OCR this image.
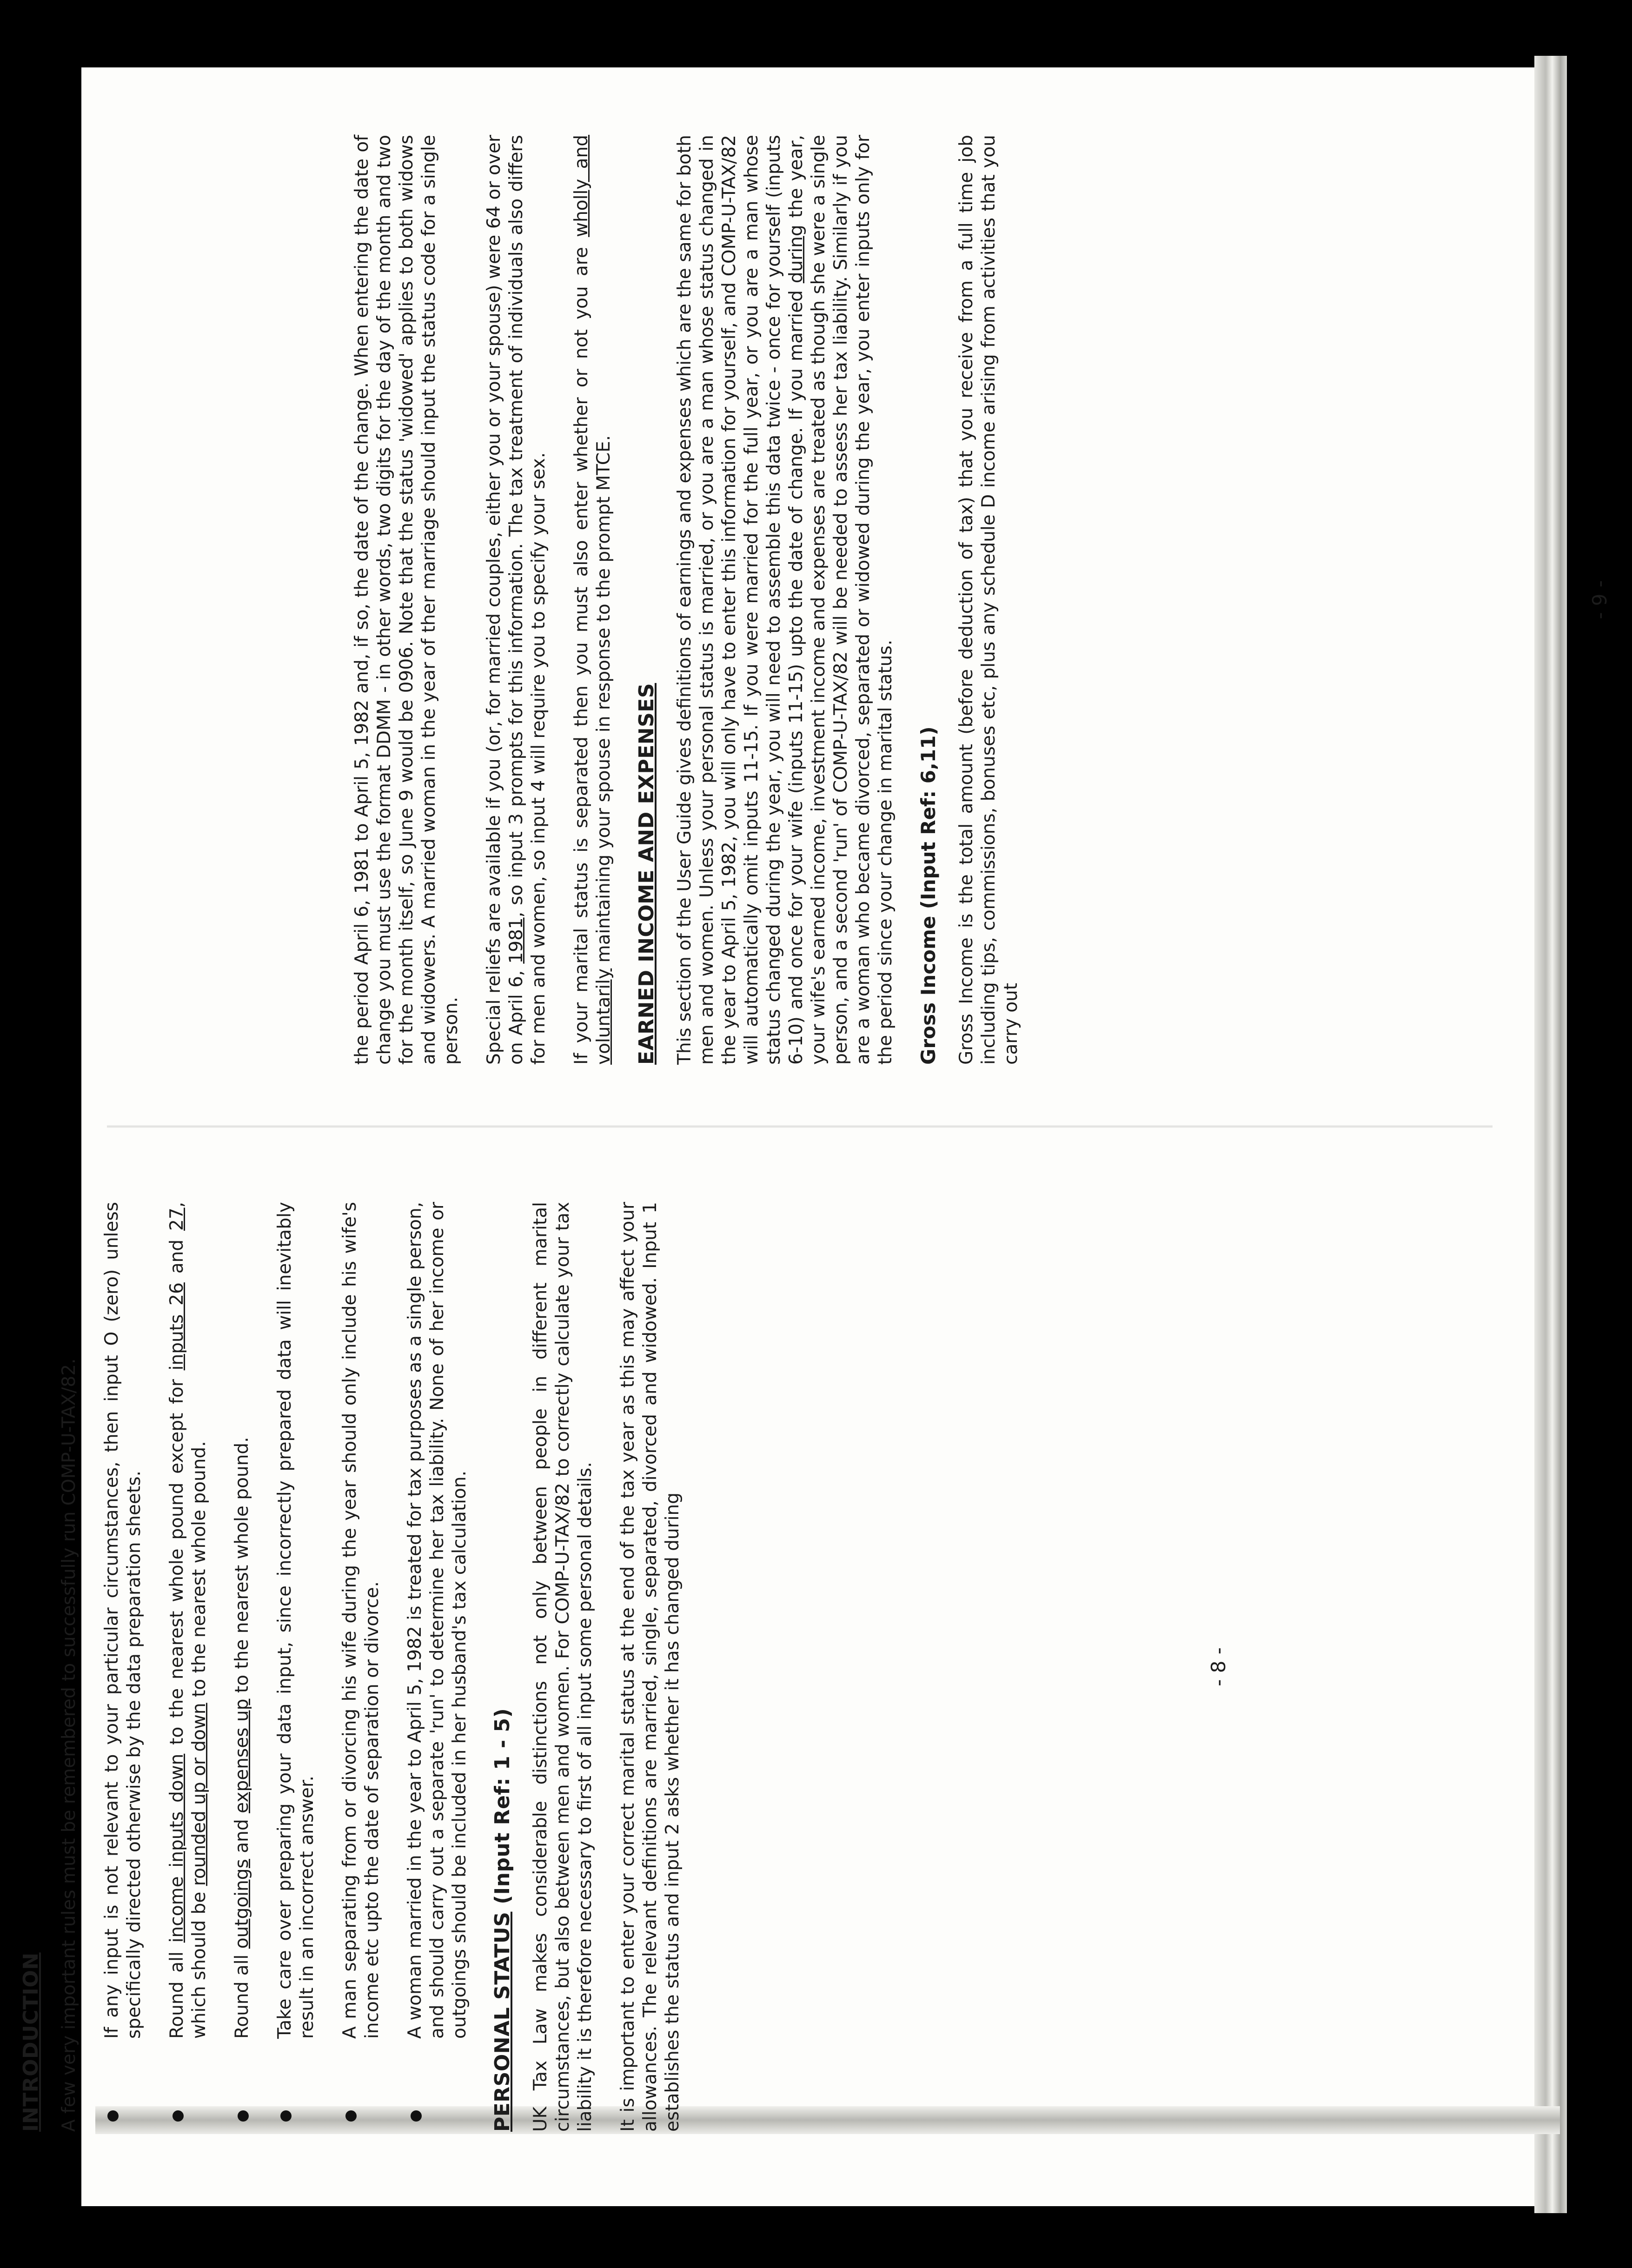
INTRODUCTION A few very important rules must be remembered to successfully run COMP-U-TAX/82. If any input is not relevant to your particular circumstances, then input O (zero) unless specifically directed otherwise by the data preparation sheets. Round all income inputs down to the nearest whole pound except for inputs 26 and 27, which should be rounded up or down to the nearest whole pound.
Round all outgoings and expenses up to the nearest whole pound. Take care over preparing your data input, since incorrectly prepared data will inevitably result in an incorrect answer. A man separating from or divorcing his wife during the year should only include his wife's income etc upto the date of separation or divorce. A woman married in the year to April 5, 1982 is treated for tax purposes as a single person, and should carry out a separate 'run' to determine her tax liability. None of her income or outgoings should be included in her husband's tax calculation. PERSONAL STATUS (Input Ref: 1 - 5) UK Tax Law makes considerable distinctions not only between people in different marital circumstances, but also between men and women. For COMP-U-TAX/82 to correctly calculate your tax liability it is therefore necessary to first of all input some personal details. It is important to enter your correct marital status at the end of the tax year as this may affect your allowances. The relevant definitions are married, single, separated, divorced and widowed. Input 1 establishes the status and input 2 asks whether it has changed during	- 8 -

the period April 6, 1981 to April 5, 1982 and, if so, the date of the change. When entering the date of change you must use the format DDMM - in other words, two digits for the day of the month and two for the month itself, so June 9 would be 0906. Note that the status 'widowed' applies to both widows and widowers. A married woman in the year of ther marriage should input the status code for a single person. Special reliefs are available if you (or, for married couples, either you or your spouse) were 64 or over on April 6, 1981, so input 3 prompts for this information. The tax treatment of individuals also differs for men and women, so input 4 will require you to specify your sex. If your marital status is separated then you must also enter whether or not you are wholly and voluntarily maintaining your spouse in response to the prompt MTCE. EARNED INCOME AND EXPENSES This section of the User Guide gives definitions of earnings and expenses which are the same for both men and women. Unless your personal status is married, or you are a man whose status changed in the year to April 5, 1982, you will only have to enter this information for yourself, and COMP-U-TAX/82 will automatically omit inputs 11-15. If you were married for the full year, or you are a man whose status changed during the year, you will need to assemble this data twice - once for yourself (inputs 6-10) and once for your wife (inputs 11-15) upto the date of change. If you married during the year, your wife's earned income, investment income and expenses are treated as though she were a single person, and a second 'run' of COMP-U-TAX/82 will be needed to assess her tax liability. Similarly if you are a woman who became divorced, separated or widowed during the year, you enter inputs only for the period since your change in marital status. Gross Income (Input Ref: 6,11) Gross Income is the total amount (before deduction of tax) that you receive from a full time job including tips, commissions, bonuses etc, plus any schedule D income arising from activities that you carry out

- 9 -
